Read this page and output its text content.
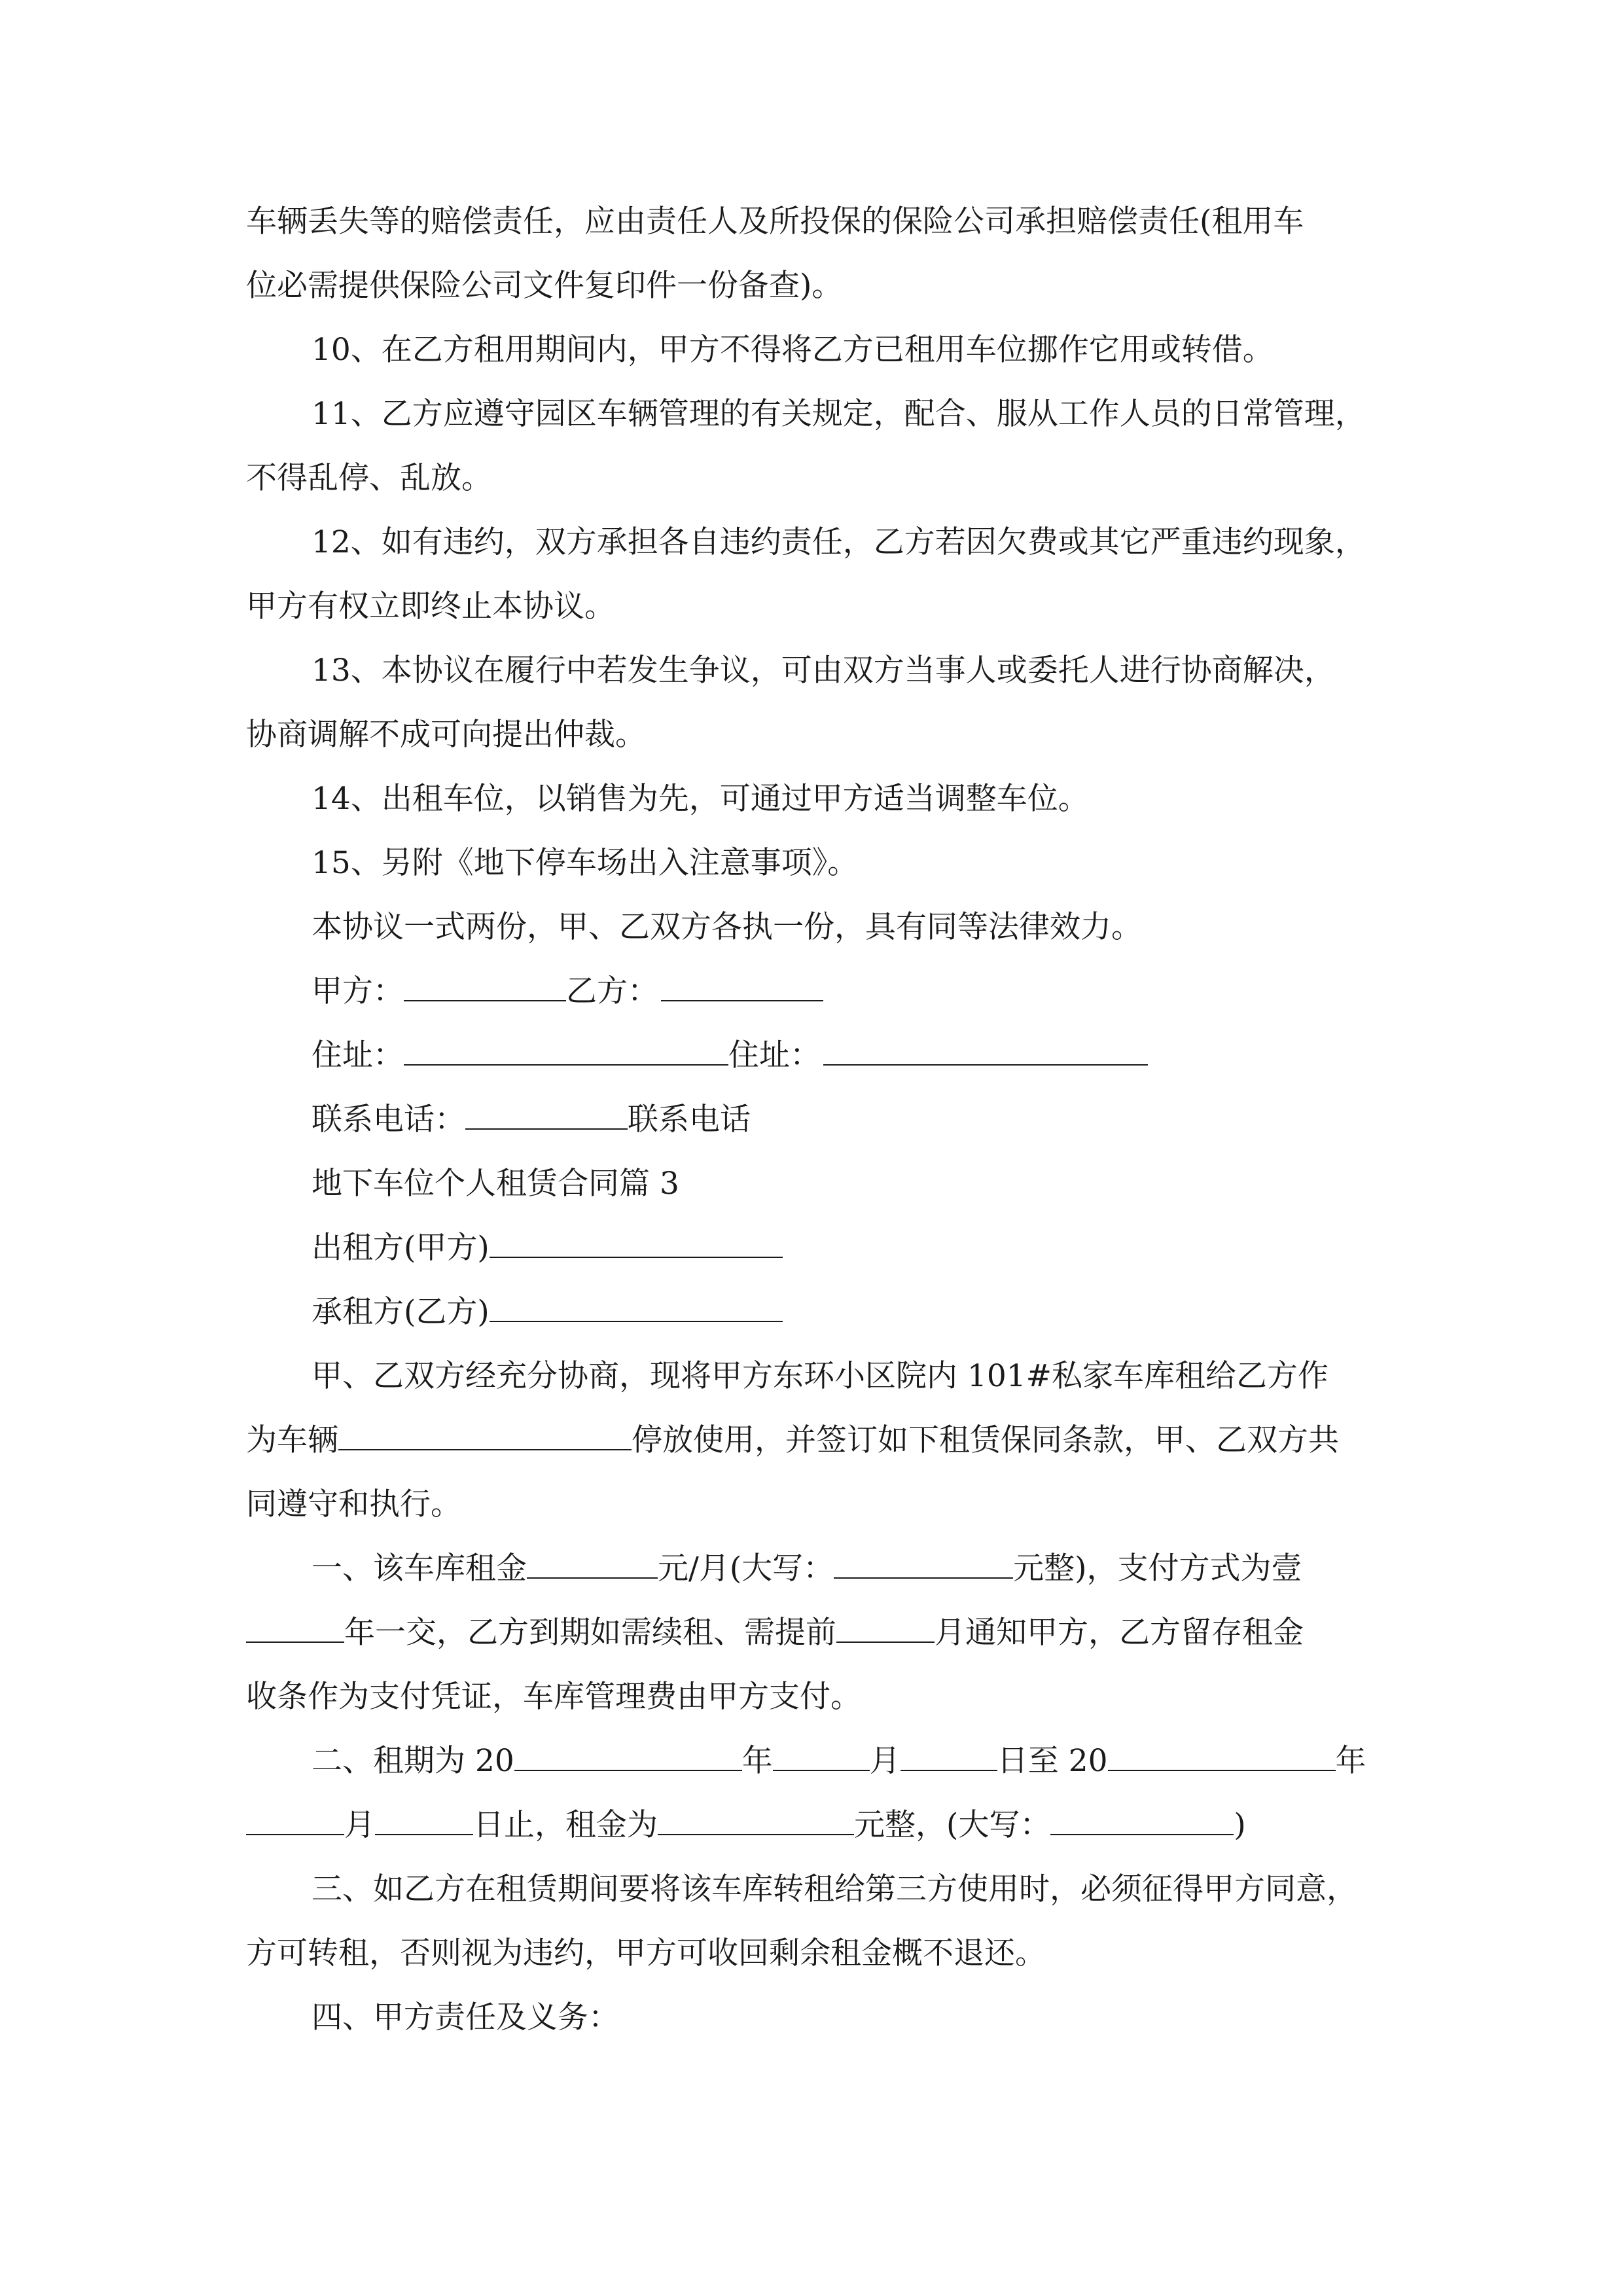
车辆丢失等的赔偿责任，应由责任人及所投保的保险公司承担赔偿责任(租用车
位必需提供保险公司文件复印件一份备查)。
10、在乙方租用期间内，甲方不得将乙方已租用车位挪作它用或转借。
11、乙方应遵守园区车辆管理的有关规定，配合、服从工作人员的日常管理，
不得乱停、乱放。
12、如有违约，双方承担各自违约责任，乙方若因欠费或其它严重违约现象，
甲方有权立即终止本协议。
13、本协议在履行中若发生争议，可由双方当事人或委托人进行协商解决，
协商调解不成可向提出仲裁。
14、出租车位，以销售为先，可通过甲方适当调整车位。
15、另附《地下停车场出入注意事项》。
本协议一式两份，甲、乙双方各执一份，具有同等法律效力。
甲方：	乙方：
住址：	住址：
联系电话：	联系电话
地下车位个人租赁合同篇 3
出租方(甲方)
承租方(乙方)
甲、乙双方经充分协商，现将甲方东环小区院内 101#私家车库租给乙方作
为车辆	停放使用，并签订如下租赁保同条款，甲、乙双方共
同遵守和执行。
一、该车库租金	元/月(大写：	元整)，支付方式为壹
年一交，乙方到期如需续租、需提前	月通知甲方，乙方留存租金
收条作为支付凭证，车库管理费由甲方支付。
二、租期为 20	年	月	日至 20	年
月	日止，租金为	元整，(大写：	)
三、如乙方在租赁期间要将该车库转租给第三方使用时，必须征得甲方同意，
方可转租，否则视为违约，甲方可收回剩余租金概不退还。
四、甲方责任及义务：
